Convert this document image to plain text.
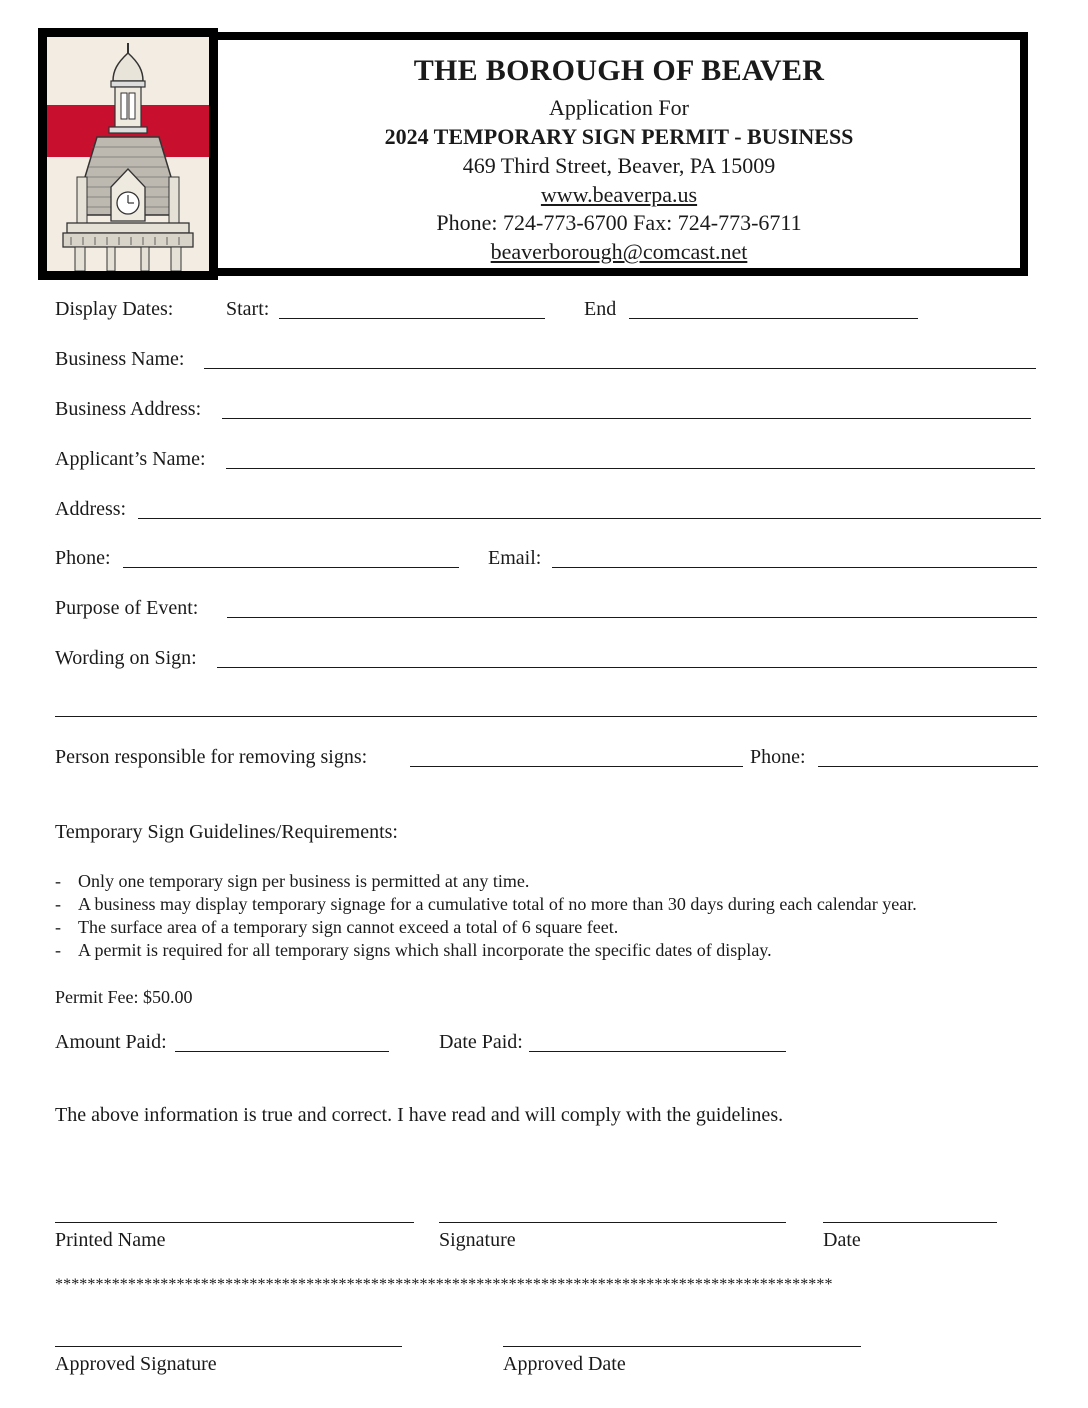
THE BOROUGH OF BEAVER
Application For
2024 TEMPORARY SIGN PERMIT - BUSINESS
469 Third Street, Beaver, PA 15009
www.beaverpa.us
Phone: 724-773-6700 Fax: 724-773-6711
beaverborough@comcast.net
Display Dates:	Start:	End
Business Name:
Business Address:
Applicant’s Name:
Address:
Phone:	Email:
Purpose of Event:
Wording on Sign:
Person responsible for removing signs:	Phone:
Temporary Sign Guidelines/Requirements:
- Only one temporary sign per business is permitted at any time.
- A business may display temporary signage for a cumulative total of no more than 30 days during each calendar year.
- The surface area of a temporary sign cannot exceed a total of 6 square feet.
- A permit is required for all temporary signs which shall incorporate the specific dates of display.
Permit Fee: $50.00
Amount Paid:	Date Paid:
The above information is true and correct. I have read and will comply with the guidelines.
Printed Name	Signature	Date
************************************************************************************************
Approved Signature	Approved Date
